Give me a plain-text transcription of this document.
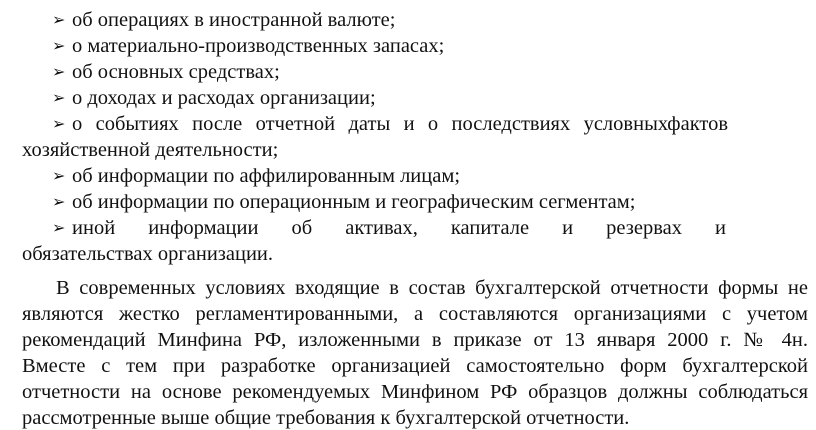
➢ об операциях в иностранной валюте;
➢ о материально-производственных запасах;
➢ об основных средствах;
➢ о доходах и расходах организации;
➢ о событиях после отчетной даты и о последствиях условныхфактов
хозяйственной деятельности;
➢ об информации по аффилированным лицам;
➢ об информации по операционным и географическим сегментам;
➢ иной информации об активах, капитале и резервах и
обязательствах организации.
В современных условиях входящие в состав бухгалтерской отчетности формы не
являются жестко регламентированными, а составляются организациями с учетом
рекомендаций Минфина РФ, изложенными в приказе от 13 января 2000 г. № 4н.
Вместе с тем при разработке организацией самостоятельно форм бухгалтерской
отчетности на основе рекомендуемых Минфином РФ образцов должны соблюдаться
рассмотренные выше общие требования к бухгалтерской отчетности.
